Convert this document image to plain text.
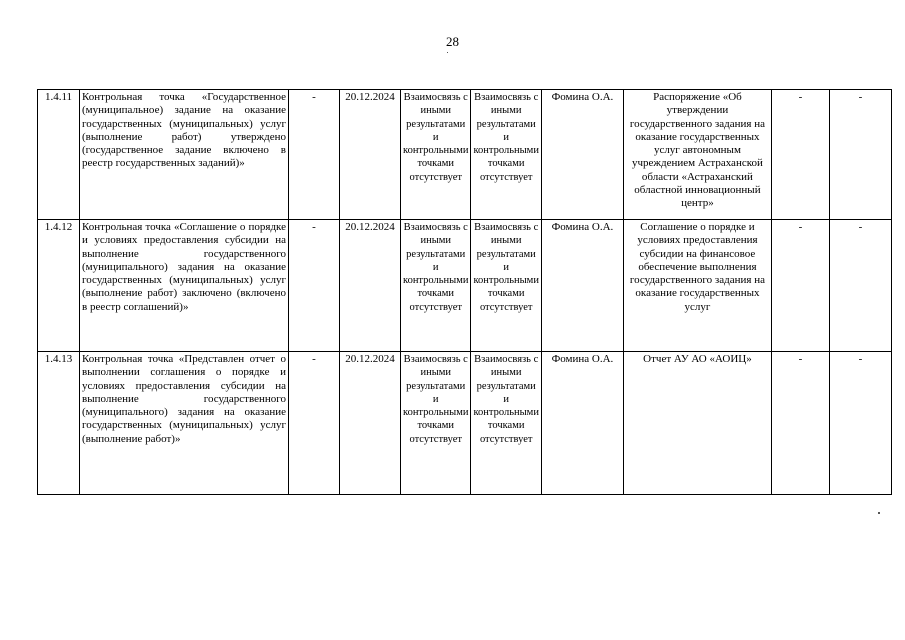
28
1.4.11	Контрольная точка «Государственное (муниципальное) задание на оказание государственных (муниципальных) услуг (выполнение работ) утверждено (государственное задание включено в реестр государственных заданий)»	-	20.12.2024	Взаимосвязь с иными результатами и контрольными точками отсутствует	Взаимосвязь с иными результатами и контрольными точками отсутствует	Фомина О.А.	Распоряжение «Об утверждении государственного задания на оказание государственных услуг автономным учреждением Астраханской области «Астраханский областной инновационный центр»	-	-
1.4.12	Контрольная точка «Соглашение о порядке и условиях предоставления субсидии на выполнение государственного (муниципального) задания на оказание государственных (муниципальных) услуг (выполнение работ) заключено (включено в реестр соглашений)»	-	20.12.2024	Взаимосвязь с иными результатами и контрольными точками отсутствует	Взаимосвязь с иными результатами и контрольными точками отсутствует	Фомина О.А.	Соглашение о порядке и условиях предоставления субсидии на финансовое обеспечение выполнения государственного задания на оказание государственных услуг	-	-
1.4.13	Контрольная точка «Представлен отчет о выполнении соглашения о порядке и условиях предоставления субсидии на выполнение государственного (муниципального) задания на оказание государственных (муниципальных) услуг (выполнение работ)»	-	20.12.2024	Взаимосвязь с иными результатами и контрольными точками отсутствует	Взаимосвязь с иными результатами и контрольными точками отсутствует	Фомина О.А.	Отчет АУ АО «АОИЦ»	-	-
